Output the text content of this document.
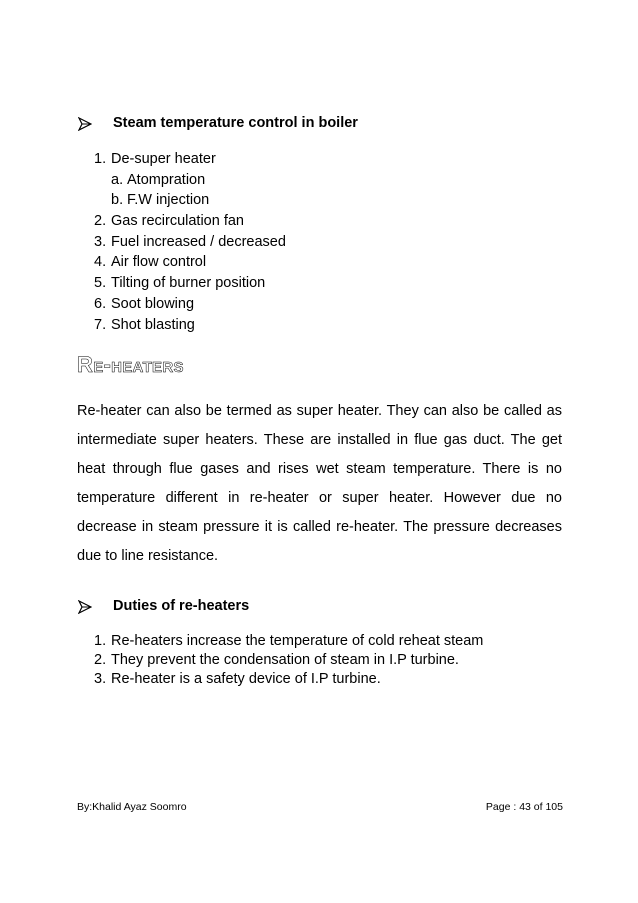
Steam temperature control in boiler
1. De-super heater
a. Atompration
b. F.W injection
2. Gas recirculation fan
3. Fuel increased / decreased
4. Air flow control
5. Tilting of burner position
6. Soot blowing
7. Shot blasting
Re-heaters
Re-heater can also be termed as super heater. They can also be called as intermediate super heaters. These are installed in flue gas duct. The get heat through flue gases and rises wet steam temperature. There is no temperature different in re-heater or super heater. However due no decrease in steam pressure it is called re-heater. The pressure decreases due to line resistance.
Duties of re-heaters
1. Re-heaters increase the temperature of cold reheat steam
2. They prevent the condensation of steam in I.P turbine.
3. Re-heater is a safety device of I.P turbine.
By:Khalid Ayaz Soomro	Page : 43 of 105
